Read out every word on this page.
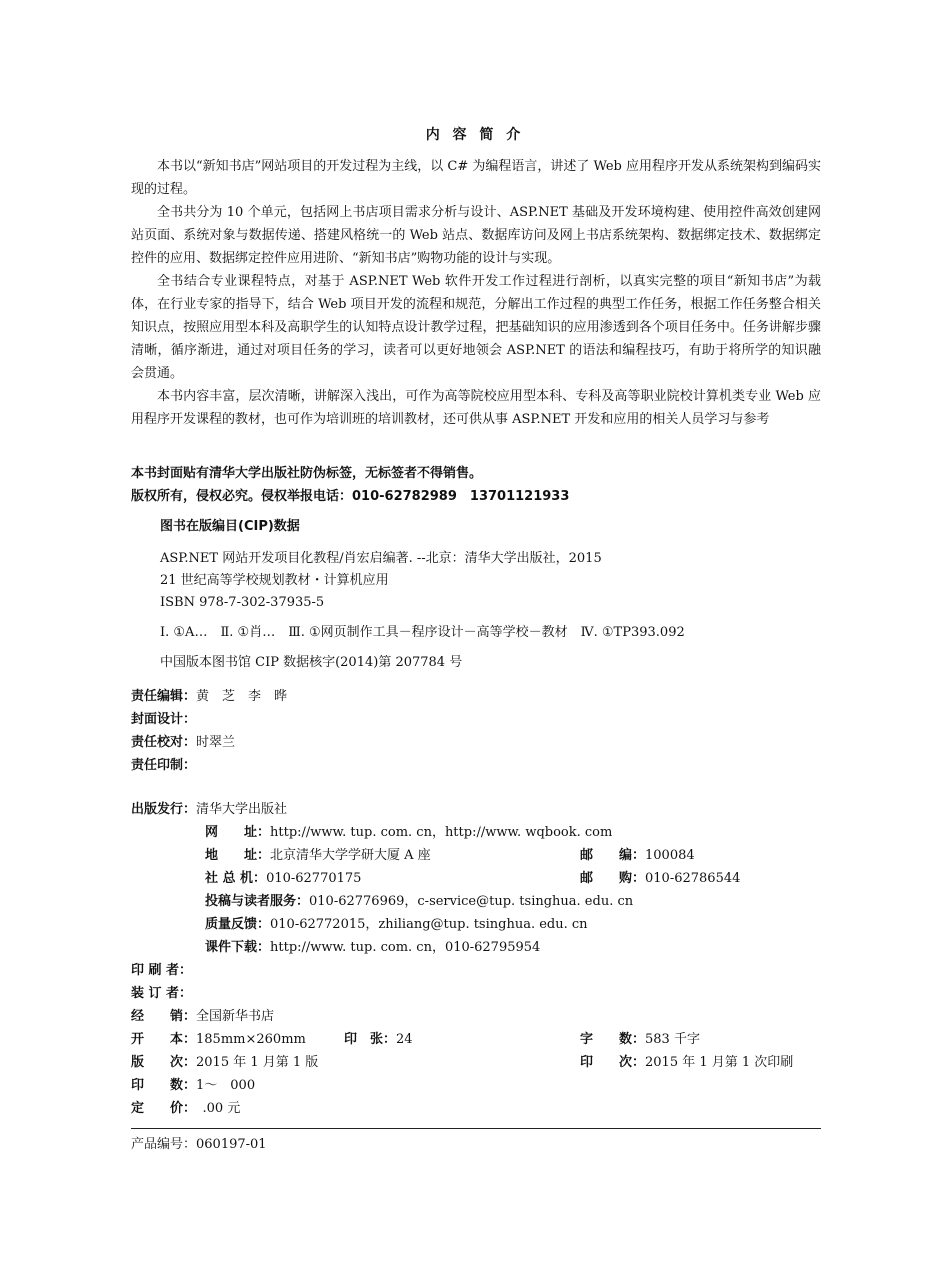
内 容 简 介

本书以“新知书店”网站项目的开发过程为主线，以 C# 为编程语言，讲述了 Web 应用程序开发从系统架构到编码实现的过程。

全书共分为 10 个单元，包括网上书店项目需求分析与设计、ASP.NET 基础及开发环境构建、使用控件高效创建网站页面、系统对象与数据传递、搭建风格统一的 Web 站点、数据库访问及网上书店系统架构、数据绑定技术、数据绑定控件的应用、数据绑定控件应用进阶、“新知书店”购物功能的设计与实现。

全书结合专业课程特点，对基于 ASP.NET Web 软件开发工作过程进行剖析，以真实完整的项目“新知书店”为载体，在行业专家的指导下，结合 Web 项目开发的流程和规范，分解出工作过程的典型工作任务，根据工作任务整合相关知识点，按照应用型本科及高职学生的认知特点设计教学过程，把基础知识的应用渗透到各个项目任务中。任务讲解步骤清晰，循序渐进，通过对项目任务的学习，读者可以更好地领会 ASP.NET 的语法和编程技巧，有助于将所学的知识融会贯通。

本书内容丰富，层次清晰，讲解深入浅出，可作为高等院校应用型本科、专科及高等职业院校计算机类专业 Web 应用程序开发课程的教材，也可作为培训班的培训教材，还可供从事 ASP.NET 开发和应用的相关人员学习与参考

本书封面贴有清华大学出版社防伪标签，无标签者不得销售。
版权所有，侵权必究。侵权举报电话：010-62782989　13701121933
图书在版编目(CIP)数据
ASP.NET 网站开发项目化教程/肖宏启编著. --北京：清华大学出版社，2015
21 世纪高等学校规划教材・计算机应用
ISBN 978-7-302-37935-5
Ⅰ. ①A…　Ⅱ. ①肖…　Ⅲ. ①网页制作工具－程序设计－高等学校－教材　Ⅳ. ①TP393.092
中国版本图书馆 CIP 数据核字(2014)第 207784 号
责任编辑：黄　芝　李　晔
封面设计：
责任校对：时翠兰
责任印制：
出版发行：清华大学出版社
网　　址：http://www. tup. com. cn，http://www. wqbook. com
地　　址：北京清华大学学研大厦 A 座	邮　　编：100084
社 总 机：010-62770175	邮　　购：010-62786544
投稿与读者服务：010-62776969，c-service@tup. tsinghua. edu. cn
质量反馈：010-62772015，zhiliang@tup. tsinghua. edu. cn
课件下载：http://www. tup. com. cn，010-62795954
印 刷 者：
装 订 者：
经　　销：全国新华书店
开　　本：185mm×260mm	印　张：24	字　　数：583 千字
版　　次：2015 年 1 月第 1 版	印　　次：2015 年 1 月第 1 次印刷
印　　数：1～　000
定　　价：　.00 元
产品编号：060197-01
